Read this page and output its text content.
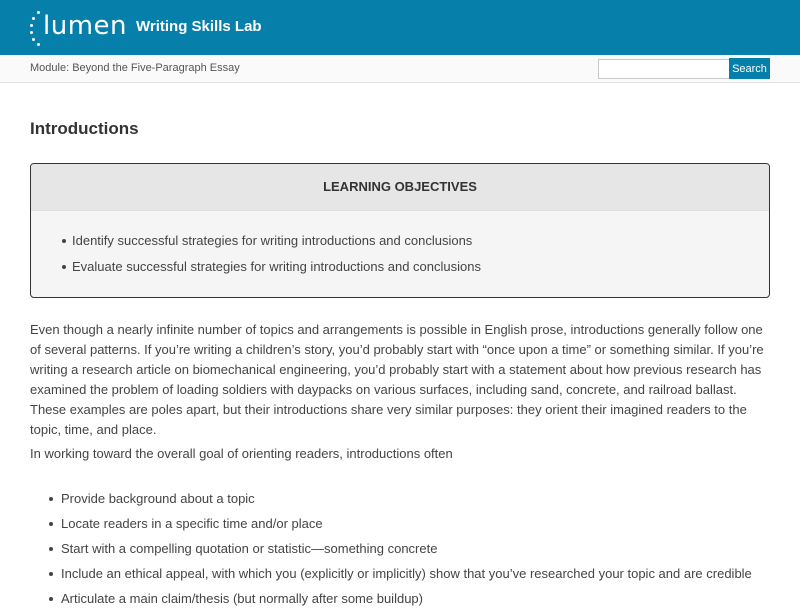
lumen Writing Skills Lab
Module: Beyond the Five-Paragraph Essay	Search
Introductions
LEARNING OBJECTIVES
Identify successful strategies for writing introductions and conclusions
Evaluate successful strategies for writing introductions and conclusions

Even though a nearly infinite number of topics and arrangements is possible in English prose, introductions generally follow one of several patterns. If you’re writing a children’s story, you’d probably start with “once upon a time” or something similar. If you’re writing a research article on biomechanical engineering, you’d probably start with a statement about how previous research has examined the problem of loading soldiers with daypacks on various surfaces, including sand, concrete, and railroad ballast. These examples are poles apart, but their introductions share very similar purposes: they orient their imagined readers to the topic, time, and place.

In working toward the overall goal of orienting readers, introductions often

Provide background about a topic
Locate readers in a specific time and/or place
Start with a compelling quotation or statistic—something concrete
Include an ethical appeal, with which you (explicitly or implicitly) show that you’ve researched your topic and are credible
Articulate a main claim/thesis (but normally after some buildup)
